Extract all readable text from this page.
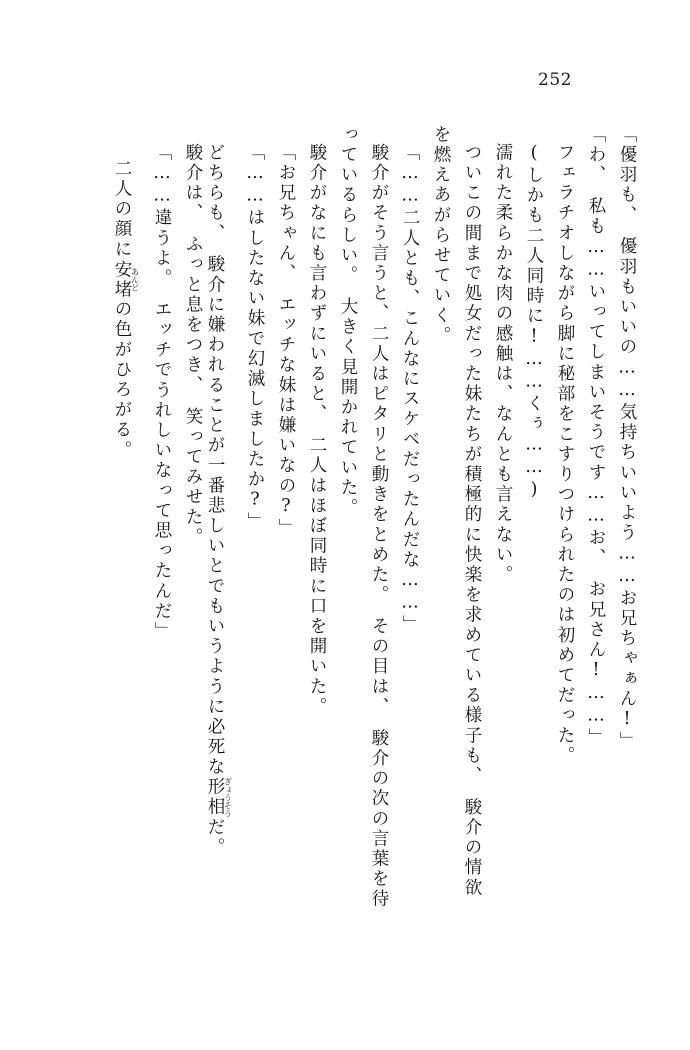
252
「優羽も、　優羽もいいの……気持ちいいよう……お兄ちゃぁん!」
「わ、　私も……いってしまいそうです……お、　お兄さん!……」
フェラチオしながら脚に秘部をこすりつけられたのは初めてだった。
(しかも二人同時に!……くぅ……)
濡れた柔らかな肉の感触は、なんとも言えない。
ついこの間まで処女だった妹たちが積極的に快楽を求めている様子も、　駿介の情欲
を燃えあがらせていく。
「……二人とも、こんなにスケベだったんだな……」
駿介がそう言うと、二人はピタリと動きをとめた。　その目は、　駿介の次の言葉を待
っているらしい。　大きく見開かれていた。
駿介がなにも言わずにいると、　二人はほぼ同時に口を開いた。
「お兄ちゃん、　エッチな妹は嫌いなの?」
「……はしたない妹で幻滅しましたか?」
どちらも、　駿介に嫌われることが一番悲しいとでもいうように必死な形相ぎょうそうだ。
駿介は、　ふっと息をつき、　笑ってみせた。
「……違うよ。　エッチでうれしいなって思ったんだ」
二人の顔に安堵あんどの色がひろがる。
